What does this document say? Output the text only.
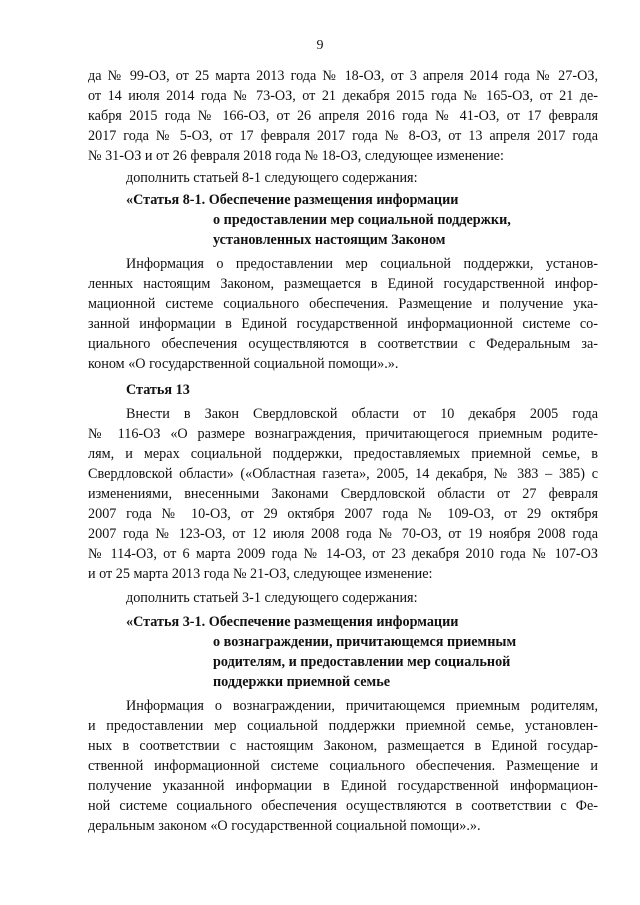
9
да № 99-ОЗ, от 25 марта 2013 года № 18-ОЗ, от 3 апреля 2014 года № 27-ОЗ,
от 14 июля 2014 года № 73-ОЗ, от 21 декабря 2015 года № 165-ОЗ, от 21 де-
кабря 2015 года № 166-ОЗ, от 26 апреля 2016 года № 41-ОЗ, от 17 февраля
2017 года № 5-ОЗ, от 17 февраля 2017 года № 8-ОЗ, от 13 апреля 2017 года
№ 31-ОЗ и от 26 февраля 2018 года № 18-ОЗ, следующее изменение:
дополнить статьей 8-1 следующего содержания:
«Статья 8-1. Обеспечение размещения информации
о предоставлении мер социальной поддержки,
установленных настоящим Законом
Информация о предоставлении мер социальной поддержки, установ-
ленных настоящим Законом, размещается в Единой государственной инфор-
мационной системе социального обеспечения. Размещение и получение ука-
занной информации в Единой государственной информационной системе со-
циального обеспечения осуществляются в соответствии с Федеральным за-
коном «О государственной социальной помощи».».
Статья 13
Внести в Закон Свердловской области от 10 декабря 2005 года
№ 116-ОЗ «О размере вознаграждения, причитающегося приемным родите-
лям, и мерах социальной поддержки, предоставляемых приемной семье, в
Свердловской области» («Областная газета», 2005, 14 декабря, № 383 – 385) с
изменениями, внесенными Законами Свердловской области от 27 февраля
2007 года № 10-ОЗ, от 29 октября 2007 года № 109-ОЗ, от 29 октября
2007 года № 123-ОЗ, от 12 июля 2008 года № 70-ОЗ, от 19 ноября 2008 года
№ 114-ОЗ, от 6 марта 2009 года № 14-ОЗ, от 23 декабря 2010 года № 107-ОЗ
и от 25 марта 2013 года № 21-ОЗ, следующее изменение:
дополнить статьей 3-1 следующего содержания:
«Статья 3-1. Обеспечение размещения информации
о вознаграждении, причитающемся приемным
родителям, и предоставлении мер социальной
поддержки приемной семье
Информация о вознаграждении, причитающемся приемным родителям,
и предоставлении мер социальной поддержки приемной семье, установлен-
ных в соответствии с настоящим Законом, размещается в Единой государ-
ственной информационной системе социального обеспечения. Размещение и
получение указанной информации в Единой государственной информацион-
ной системе социального обеспечения осуществляются в соответствии с Фе-
деральным законом «О государственной социальной помощи».».
